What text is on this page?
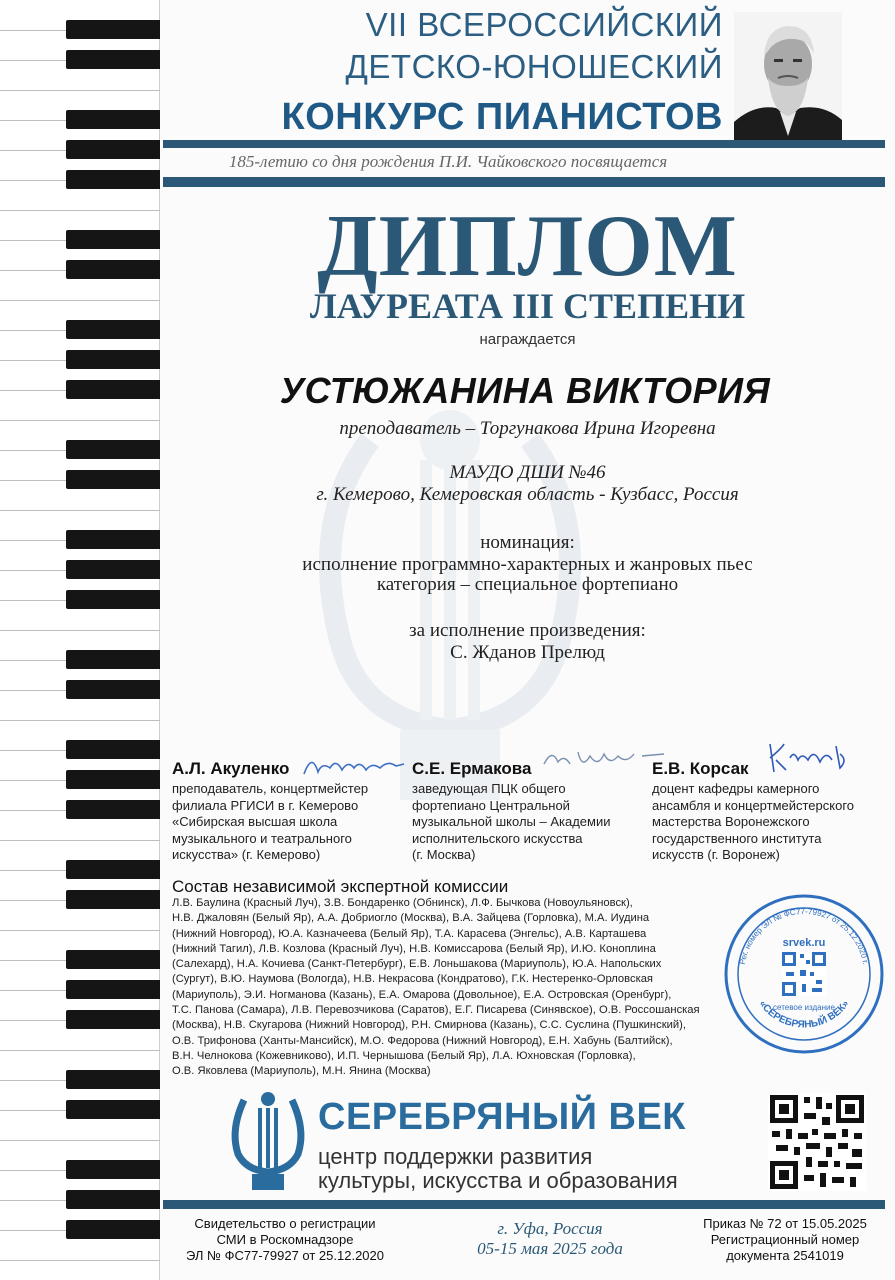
VII ВСЕРОССИЙСКИЙ
ДЕТСКО-ЮНОШЕСКИЙ
КОНКУРС ПИАНИСТОВ
185-летию со дня рождения П.И. Чайковского посвящается
ДИПЛОМ
ЛАУРЕАТА III СТЕПЕНИ
награждается
УСТЮЖАНИНА ВИКТОРИЯ
преподаватель – Торгунакова Ирина Игоревна
МАУДО ДШИ №46
г. Кемерово, Кемеровская область - Кузбасс, Россия
номинация:
исполнение программно-характерных и жанровых пьес
категория – специальное фортепиано
за исполнение произведения:
С. Жданов Прелюд
А.Л. Акуленко
преподаватель, концертмейстер
филиала РГИСИ в г. Кемерово
«Сибирская высшая школа
музыкального и театрального
искусства» (г. Кемерово)
С.Е. Ермакова
заведующая ПЦК общего
фортепиано Центральной
музыкальной школы – Академии
исполнительского искусства
(г. Москва)
Е.В. Корсак
доцент кафедры камерного
ансамбля и концертмейстерского
мастерства Воронежского
государственного института
искусств (г. Воронеж)
Состав независимой экспертной комиссии
Л.В. Баулина (Красный Луч), З.В. Бондаренко (Обнинск), Л.Ф. Бычкова (Новоульяновск),
Н.В. Джаловян (Белый Яр), А.А. Добриогло (Москва), В.А. Зайцева (Горловка), М.А. Иудина
(Нижний Новгород), Ю.А. Казначеева (Белый Яр), Т.А. Карасева (Энгельс), А.В. Карташева
(Нижний Тагил), Л.В. Козлова (Красный Луч), Н.В. Комиссарова (Белый Яр), И.Ю. Коноплина
(Салехард), Н.А. Кочиева (Санкт-Петербург), Е.В. Лоньшакова (Мариуполь), Ю.А. Напольских
(Сургут), В.Ю. Наумова (Вологда), Н.В. Некрасова (Кондратово), Г.К. Нестеренко-Орловская
(Мариуполь), Э.И. Ногманова (Казань), Е.А. Омарова (Довольное), Е.А. Островская (Оренбург),
Т.С. Панова (Самара), Л.В. Перевозчикова (Саратов), Е.Г. Писарева (Синявское), О.В. Россошанская
(Москва), Н.В. Скугарова (Нижний Новгород), Р.Н. Смирнова (Казань), С.С. Суслина (Пушкинский),
О.В. Трифонова (Ханты-Мансийск), М.О. Федорова (Нижний Новгород), Е.Н. Хабунь (Балтийск),
В.Н. Челнокова (Кожевниково), И.П. Чернышова (Белый Яр), Л.А. Юхновская (Горловка),
О.В. Яковлева (Мариуполь), М.Н. Янина (Москва)
Рег. номер ЭЛ № ФС77-79927 от 25.12.2020 г.
«СЕРЕБРЯНЫЙ ВЕК»
srvek.ru
сетевое издание
СЕРЕБРЯНЫЙ ВЕК
центр поддержки развития
культуры, искусства и образования
Свидетельство о регистрации
СМИ в Роскомнадзоре
ЭЛ № ФС77-79927 от 25.12.2020
г. Уфа, Россия
05-15 мая 2025 года
Приказ № 72 от 15.05.2025
Регистрационный номер
документа 2541019
